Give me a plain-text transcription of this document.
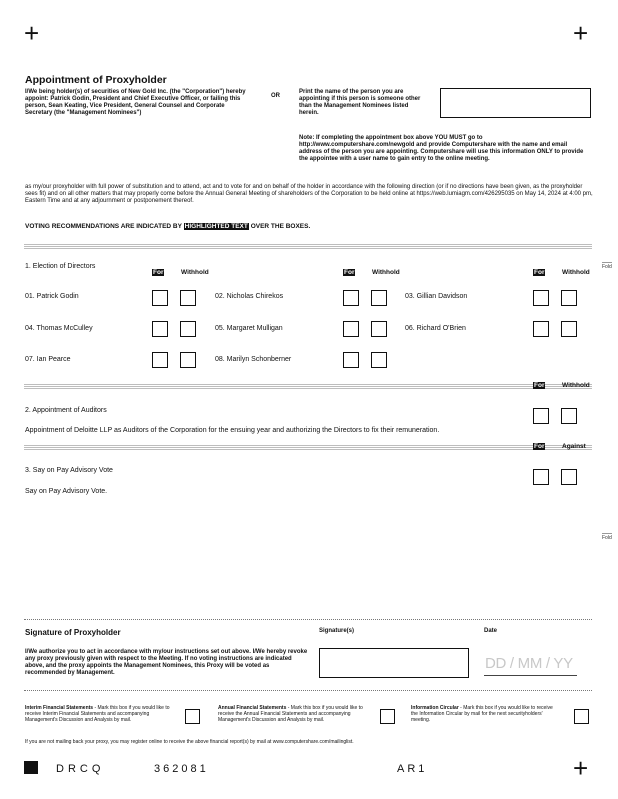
+	+
+
Appointment of Proxyholder
I/We being holder(s) of securities of New Gold Inc. (the "Corporation") hereby appoint: Patrick Godin, President and Chief Executive Officer, or failing this person, Sean Keating, Vice President, General Counsel and Corporate Secretary (the "Management Nominees")
OR
Print the name of the person you are appointing if this person is someone other than the Management Nominees listed herein.
Note: If completing the appointment box above YOU MUST go to http://www.computershare.com/newgold and provide Computershare with the name and email address of the person you are appointing. Computershare will use this information ONLY to provide the appointee with a user name to gain entry to the online meeting.
as my/our proxyholder with full power of substitution and to attend, act and to vote for and on behalf of the holder in accordance with the following direction (or if no directions have been given, as the proxyholder sees fit) and on all other matters that may properly come before the Annual General Meeting of shareholders of the Corporation to be held online at https://web.lumiagm.com/426295035 on May 14, 2024 at 4:00 pm, Eastern Time and at any adjournment or postponement thereof.
VOTING RECOMMENDATIONS ARE INDICATED BY HIGHLIGHTED TEXT OVER THE BOXES.
Fold
Fold
1. Election of Directors
For	Withhold	For	Withhold	For	Withhold
01. Patrick Godin	02. Nicholas Chirekos	03. Gillian Davidson
04. Thomas McCulley	05. Margaret Mulligan	06. Richard O'Brien
07. Ian Pearce	08. Marilyn Schonberner
For	Withhold
2. Appointment of Auditors
Appointment of Deloitte LLP as Auditors of the Corporation for the ensuing year and authorizing the Directors to fix their remuneration.
For	Against
3. Say on Pay Advisory Vote
Say on Pay Advisory Vote.
Signature of Proxyholder
I/We authorize you to act in accordance with my/our instructions set out above. I/We hereby revoke any proxy previously given with respect to the Meeting. If no voting instructions are indicated above, and the proxy appoints the Management Nominees, this Proxy will be voted as recommended by Management.
Signature(s)	Date
DD / MM / YY
Interim Financial Statements - Mark this box if you would like to receive Interim Financial Statements and accompanying Management's Discussion and Analysis by mail.
Annual Financial Statements - Mark this box if you would like to receive the Annual Financial Statements and accompanying Management's Discussion and Analysis by mail.
Information Circular - Mark this box if you would like to receive the Information Circular by mail for the next securityholders' meeting.
If you are not mailing back your proxy, you may register online to receive the above financial report(s) by mail at www.computershare.com/mailinglist.
DRCQ	362081	AR1
